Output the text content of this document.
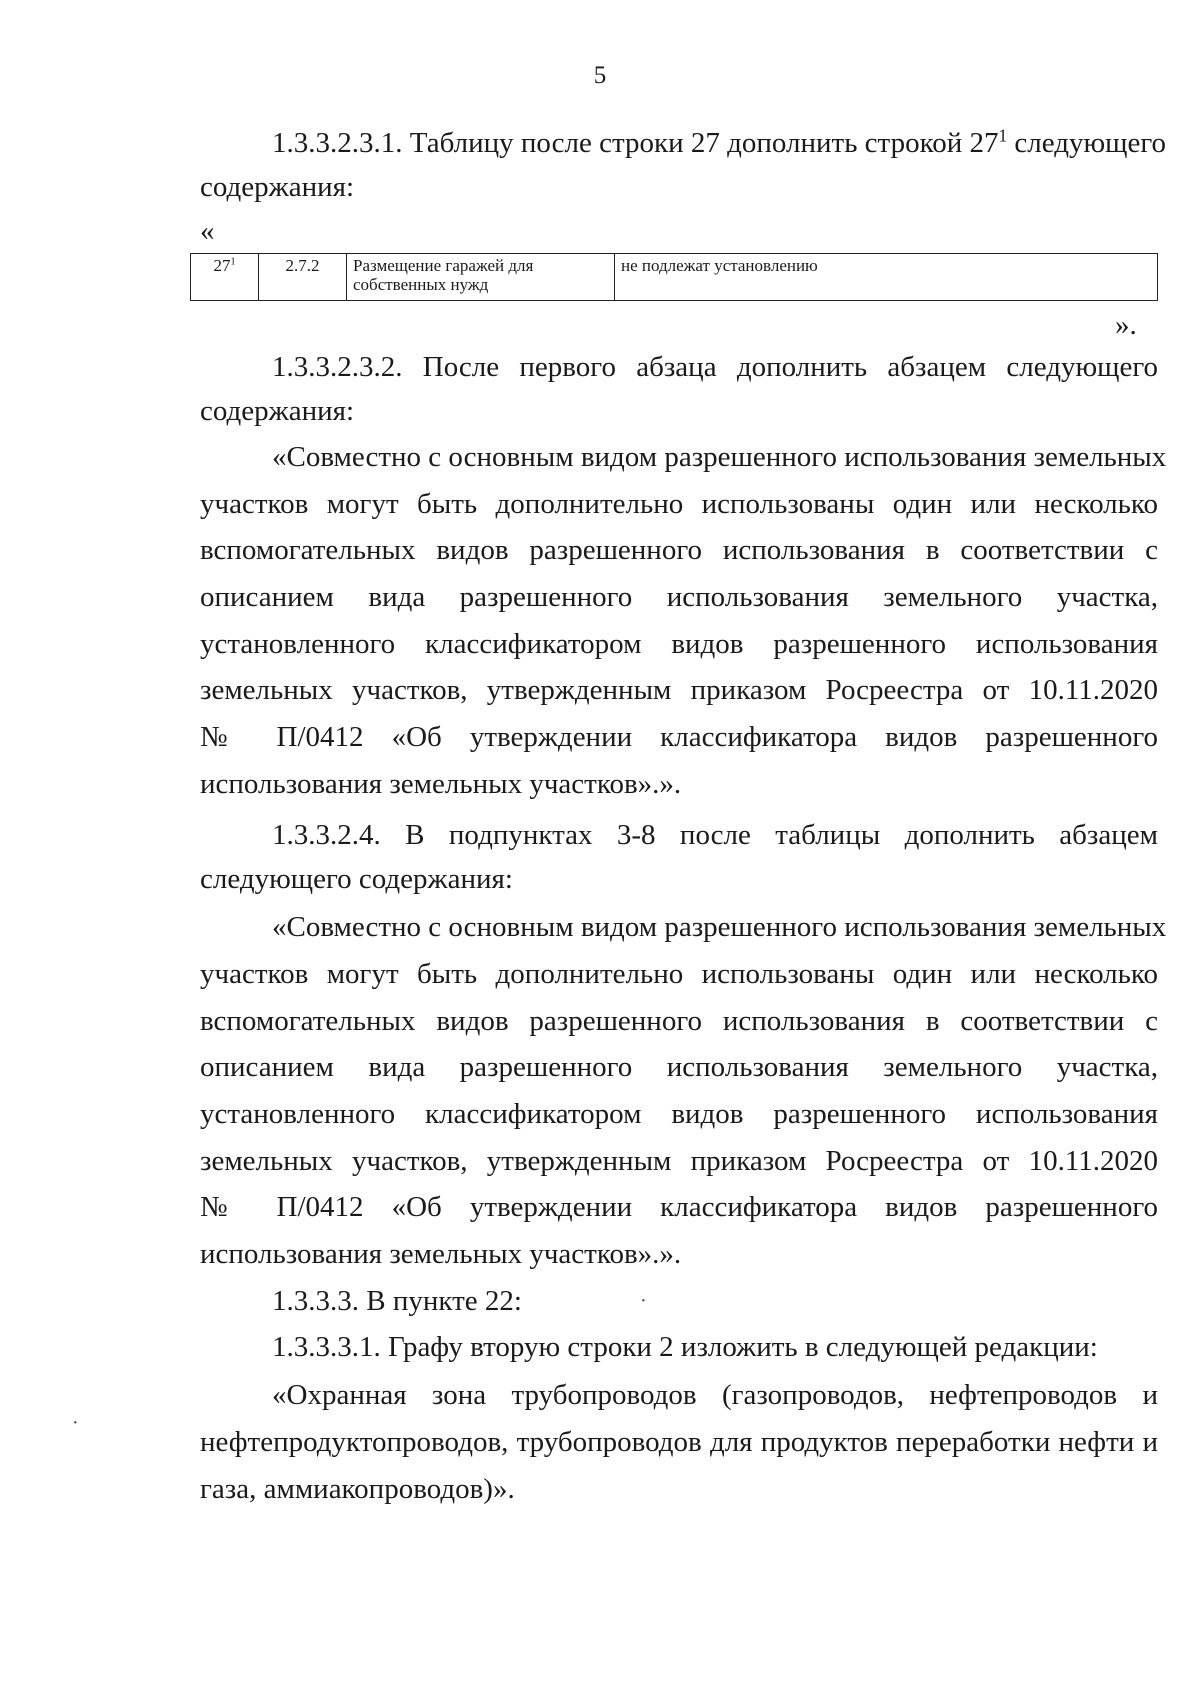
5
1.3.3.2.3.1. Таблицу после строки 27 дополнить строкой $27^1$ следующего
содержания:
«
$27^1$	2.7.2	Размещение гаражей для собственных нужд	не подлежат установлению
».
1.3.3.2.3.2. После первого абзаца дополнить абзацем следующего
содержания:
«Совместно с основным видом разрешенного использования земельных
участков могут быть дополнительно использованы один или несколько
вспомогательных видов разрешенного использования в соответствии с
описанием вида разрешенного использования земельного участка,
установленного классификатором видов разрешенного использования
земельных участков, утвержденным приказом Росреестра от 10.11.2020
№ П/0412 «Об утверждении классификатора видов разрешенного
использования земельных участков».».
1.3.3.2.4. В подпунктах 3-8 после таблицы дополнить абзацем
следующего содержания:
«Совместно с основным видом разрешенного использования земельных
участков могут быть дополнительно использованы один или несколько
вспомогательных видов разрешенного использования в соответствии с
описанием вида разрешенного использования земельного участка,
установленного классификатором видов разрешенного использования
земельных участков, утвержденным приказом Росреестра от 10.11.2020
№ П/0412 «Об утверждении классификатора видов разрешенного
использования земельных участков».».
1.3.3.3. В пункте 22:
1.3.3.3.1. Графу вторую строки 2 изложить в следующей редакции:
«Охранная зона трубопроводов (газопроводов, нефтепроводов и
нефтепродуктопроводов, трубопроводов для продуктов переработки нефти и
газа, аммиакопроводов)».
·
·
